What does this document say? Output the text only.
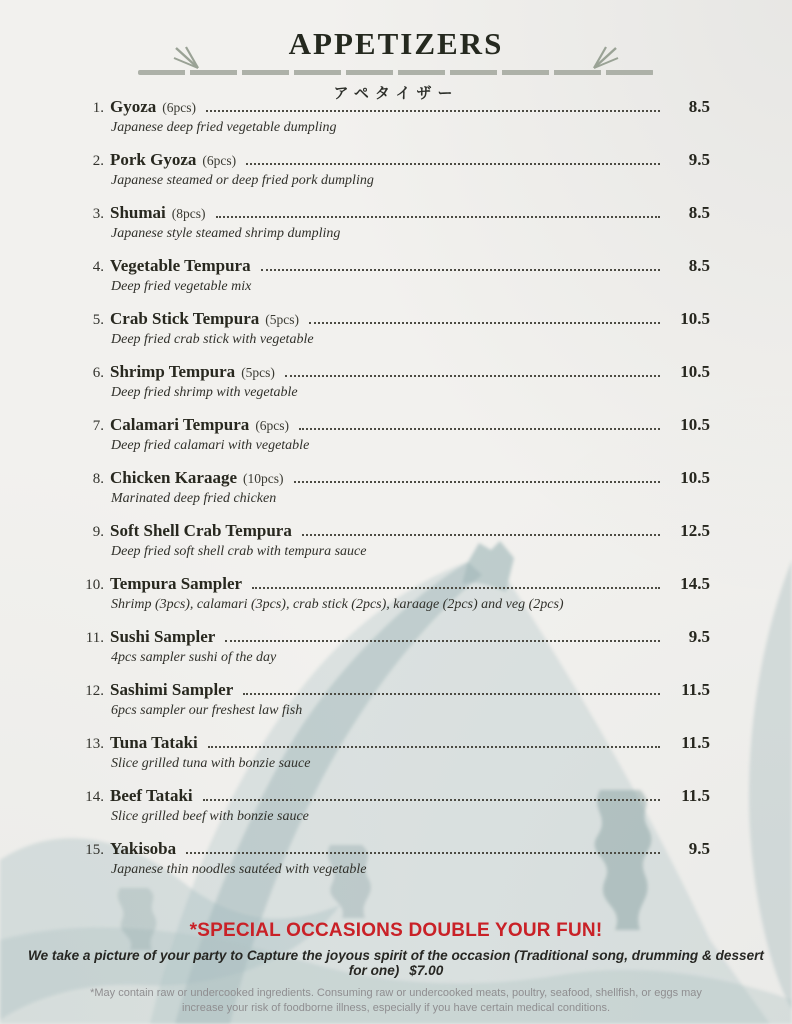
APPETIZERS
アペタイザー
1. Gyoza (6pcs)	8.5
Japanese deep fried vegetable dumpling
2. Pork Gyoza (6pcs)	9.5
Japanese steamed or deep fried pork dumpling
3. Shumai (8pcs)	8.5
Japanese style steamed shrimp dumpling
4. Vegetable Tempura	8.5
Deep fried vegetable mix
5. Crab Stick Tempura (5pcs)	10.5
Deep fried crab stick with vegetable
6. Shrimp Tempura (5pcs)	10.5
Deep fried shrimp with vegetable
7. Calamari Tempura (6pcs)	10.5
Deep fried calamari with vegetable
8. Chicken Karaage (10pcs)	10.5
Marinated deep fried chicken
9. Soft Shell Crab Tempura	12.5
Deep fried soft shell crab with tempura sauce
10. Tempura Sampler	14.5
Shrimp (3pcs), calamari (3pcs), crab stick (2pcs), karaage (2pcs) and veg (2pcs)
11. Sushi Sampler	9.5
4pcs sampler sushi of the day
12. Sashimi Sampler	11.5
6pcs sampler our freshest law fish
13. Tuna Tataki	11.5
Slice grilled tuna with bonzie sauce
14. Beef Tataki	11.5
Slice grilled beef with bonzie sauce
15. Yakisoba	9.5
Japanese thin noodles sautéed with vegetable

*SPECIAL OCCASIONS DOUBLE YOUR FUN!

We take a picture of your party to Capture the joyous spirit of the occasion (Traditional song, drumming & dessert for one) $7.00

*May contain raw or undercooked ingredients. Consuming raw or undercooked meats, poultry, seafood, shellfish, or eggs may increase your risk of foodborne illness, especially if you have certain medical conditions.
